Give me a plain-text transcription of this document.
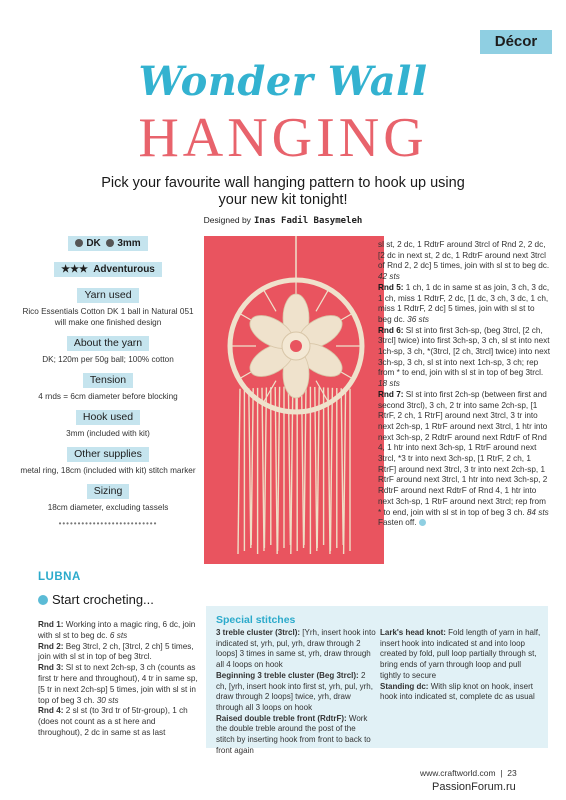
Décor
Wonder Wall
HANGING
Pick your favourite wall hanging pattern to hook up using your new kit tonight!
Designed by Inas Fadil Basymeleh
DK 3mm
★★★ Adventurous
Yarn used
Rico Essentials Cotton DK 1 ball in Natural 051 will make one finished design
About the yarn
DK; 120m per 50g ball; 100% cotton
Tension
4 rnds = 6cm diameter before blocking
Hook used
3mm (included with kit)
Other supplies
metal ring, 18cm (included with kit) stitch marker
Sizing
18cm diameter, excluding tassels
••••••••••••••••••••••••••

sl st, 2 dc, 1 RdtrF around 3trcl of Rnd 2, 2 dc, [2 dc in next st, 2 dc, 1 RdtrF around next 3trcl of Rnd 2, 2 dc] 5 times, join with sl st to beg dc. 42 sts

Rnd 5: 1 ch, 1 dc in same st as join, 3 ch, 3 dc, 1 ch, miss 1 RdtrF, 2 dc, [1 dc, 3 ch, 3 dc, 1 ch, miss 1 RdtrF, 2 dc] 5 times, join with sl st to beg dc. 36 sts

Rnd 6: Sl st into first 3ch-sp, (beg 3trcl, [2 ch, 3trcl] twice) into first 3ch-sp, 3 ch, sl st into next 1ch-sp, 3 ch, *(3trcl, [2 ch, 3trcl] twice) into next 3ch-sp, 3 ch, sl st into next 1ch-sp, 3 ch; rep from * to end, join with sl st in top of beg 3trcl. 18 sts

Rnd 7: Sl st into first 2ch-sp (between first and second 3trcl), 3 ch, 2 tr into same 2ch-sp, [1 RtrF, 2 ch, 1 RtrF] around next 3trcl, 3 tr into next 2ch-sp, 1 RtrF around next 3trcl, 1 htr into next 3ch-sp, 2 RdtrF around next RdtrF of Rnd 4, 1 htr into next 3ch-sp, 1 RtrF around next 3trcl, *3 tr into next 3ch-sp, [1 RtrF, 2 ch, 1 RtrF] around next 3trcl, 3 tr into next 2ch-sp, 1 RtrF around next 3trcl, 1 htr into next 3ch-sp, 2 RdtrF around next RdtrF of Rnd 4, 1 htr into next 3ch-sp, 1 RtrF around next 3trcl; rep from * to end, join with sl st in top of beg 3 ch. 84 sts

Fasten off.

LUBNA
Start crocheting...

Rnd 1: Working into a magic ring, 6 dc, join with sl st to beg dc. 6 sts

Rnd 2: Beg 3trcl, 2 ch, [3trcl, 2 ch] 5 times, join with sl st in top of beg 3trcl.

Rnd 3: Sl st to next 2ch-sp, 3 ch (counts as first tr here and throughout), 4 tr in same sp, [5 tr in next 2ch-sp] 5 times, join with sl st in top of beg 3 ch. 30 sts

Rnd 4: 2 sl st (to 3rd tr of 5tr-group), 1 ch (does not count as a st here and throughout), 2 dc in same st as last

Special stitches

3 treble cluster (3trcl): [Yrh, insert hook into indicated st, yrh, pul, yrh, draw through 2 loops] 3 times in same st, yrh, draw through all 4 loops on hook

Beginning 3 treble cluster (Beg 3trcl): 2 ch, [yrh, insert hook into first st, yrh, pul, yrh, draw through 2 loops] twice, yrh, draw through all 3 loops on hook

Raised double treble front (RdtrF): Work the double treble around the post of the stitch by inserting hook from front to back to front again

Lark's head knot: Fold length of yarn in half, insert hook into indicated st and into loop created by fold, pull loop partially through st, bring ends of yarn through loop and pull tightly to secure

Standing dc: With slip knot on hook, insert hook into indicated st, complete dc as usual

www.craftworld.com  |  23
PassionForum.ru
